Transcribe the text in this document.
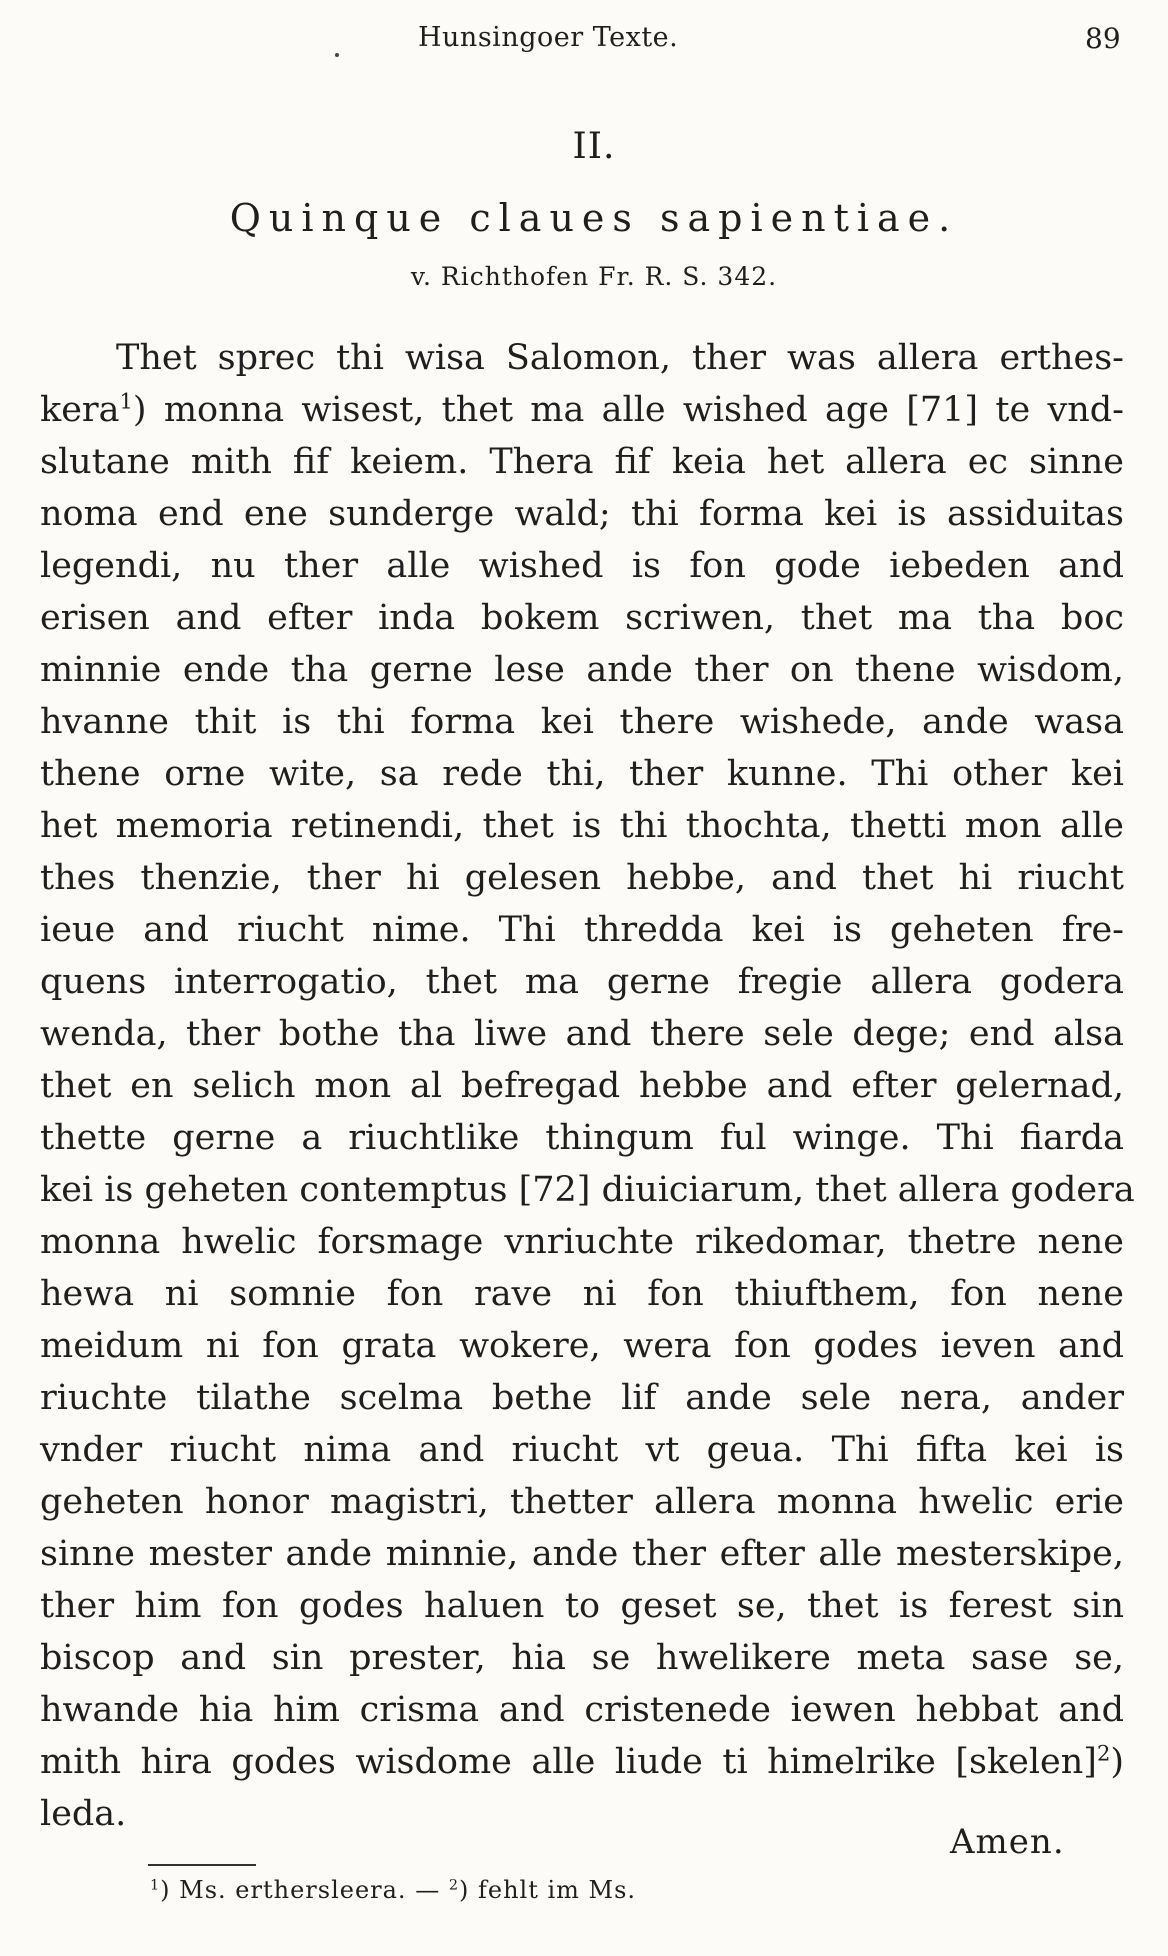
Hunsingoer Texte.	89
II.
Quinque claues sapientiae.
v. Richthofen Fr. R. S. 342.
Thet sprec thi wisa Salomon, ther was allera erthes-
kera$^1$) monna wisest, thet ma alle wished age [71] te vnd-
slutane mith fif keiem. Thera fif keia het allera ec sinne
noma end ene sunderge wald; thi forma kei is assiduitas
legendi, nu ther alle wished is fon gode iebeden and
erisen and efter inda bokem scriwen, thet ma tha boc
minnie ende tha gerne lese ande ther on thene wisdom,
hvanne thit is thi forma kei there wishede, ande wasa
thene orne wite, sa rede thi, ther kunne. Thi other kei
het memoria retinendi, thet is thi thochta, thetti mon alle
thes thenzie, ther hi gelesen hebbe, and thet hi riucht
ieue and riucht nime. Thi thredda kei is geheten fre-
quens interrogatio, thet ma gerne fregie allera godera
wenda, ther bothe tha liwe and there sele dege; end alsa
thet en selich mon al befregad hebbe and efter gelernad,
thette gerne a riuchtlike thingum ful winge. Thi fiarda
kei is geheten contemptus [72] diuiciarum, thet allera godera
monna hwelic forsmage vnriuchte rikedomar, thetre nene
hewa ni somnie fon rave ni fon thiufthem, fon nene
meidum ni fon grata wokere, wera fon godes ieven and
riuchte tilathe scelma bethe lif ande sele nera, ander
vnder riucht nima and riucht vt geua. Thi fifta kei is
geheten honor magistri, thetter allera monna hwelic erie
sinne mester ande minnie, ande ther efter alle mesterskipe,
ther him fon godes haluen to geset se, thet is ferest sin
biscop and sin prester, hia se hwelikere meta sase se,
hwande hia him crisma and cristenede iewen hebbat and
mith hira godes wisdome alle liude ti himelrike [skelen]$^2$)
leda.
Amen.
$^1$) Ms. erthersleera. — $^2$) fehlt im Ms.
